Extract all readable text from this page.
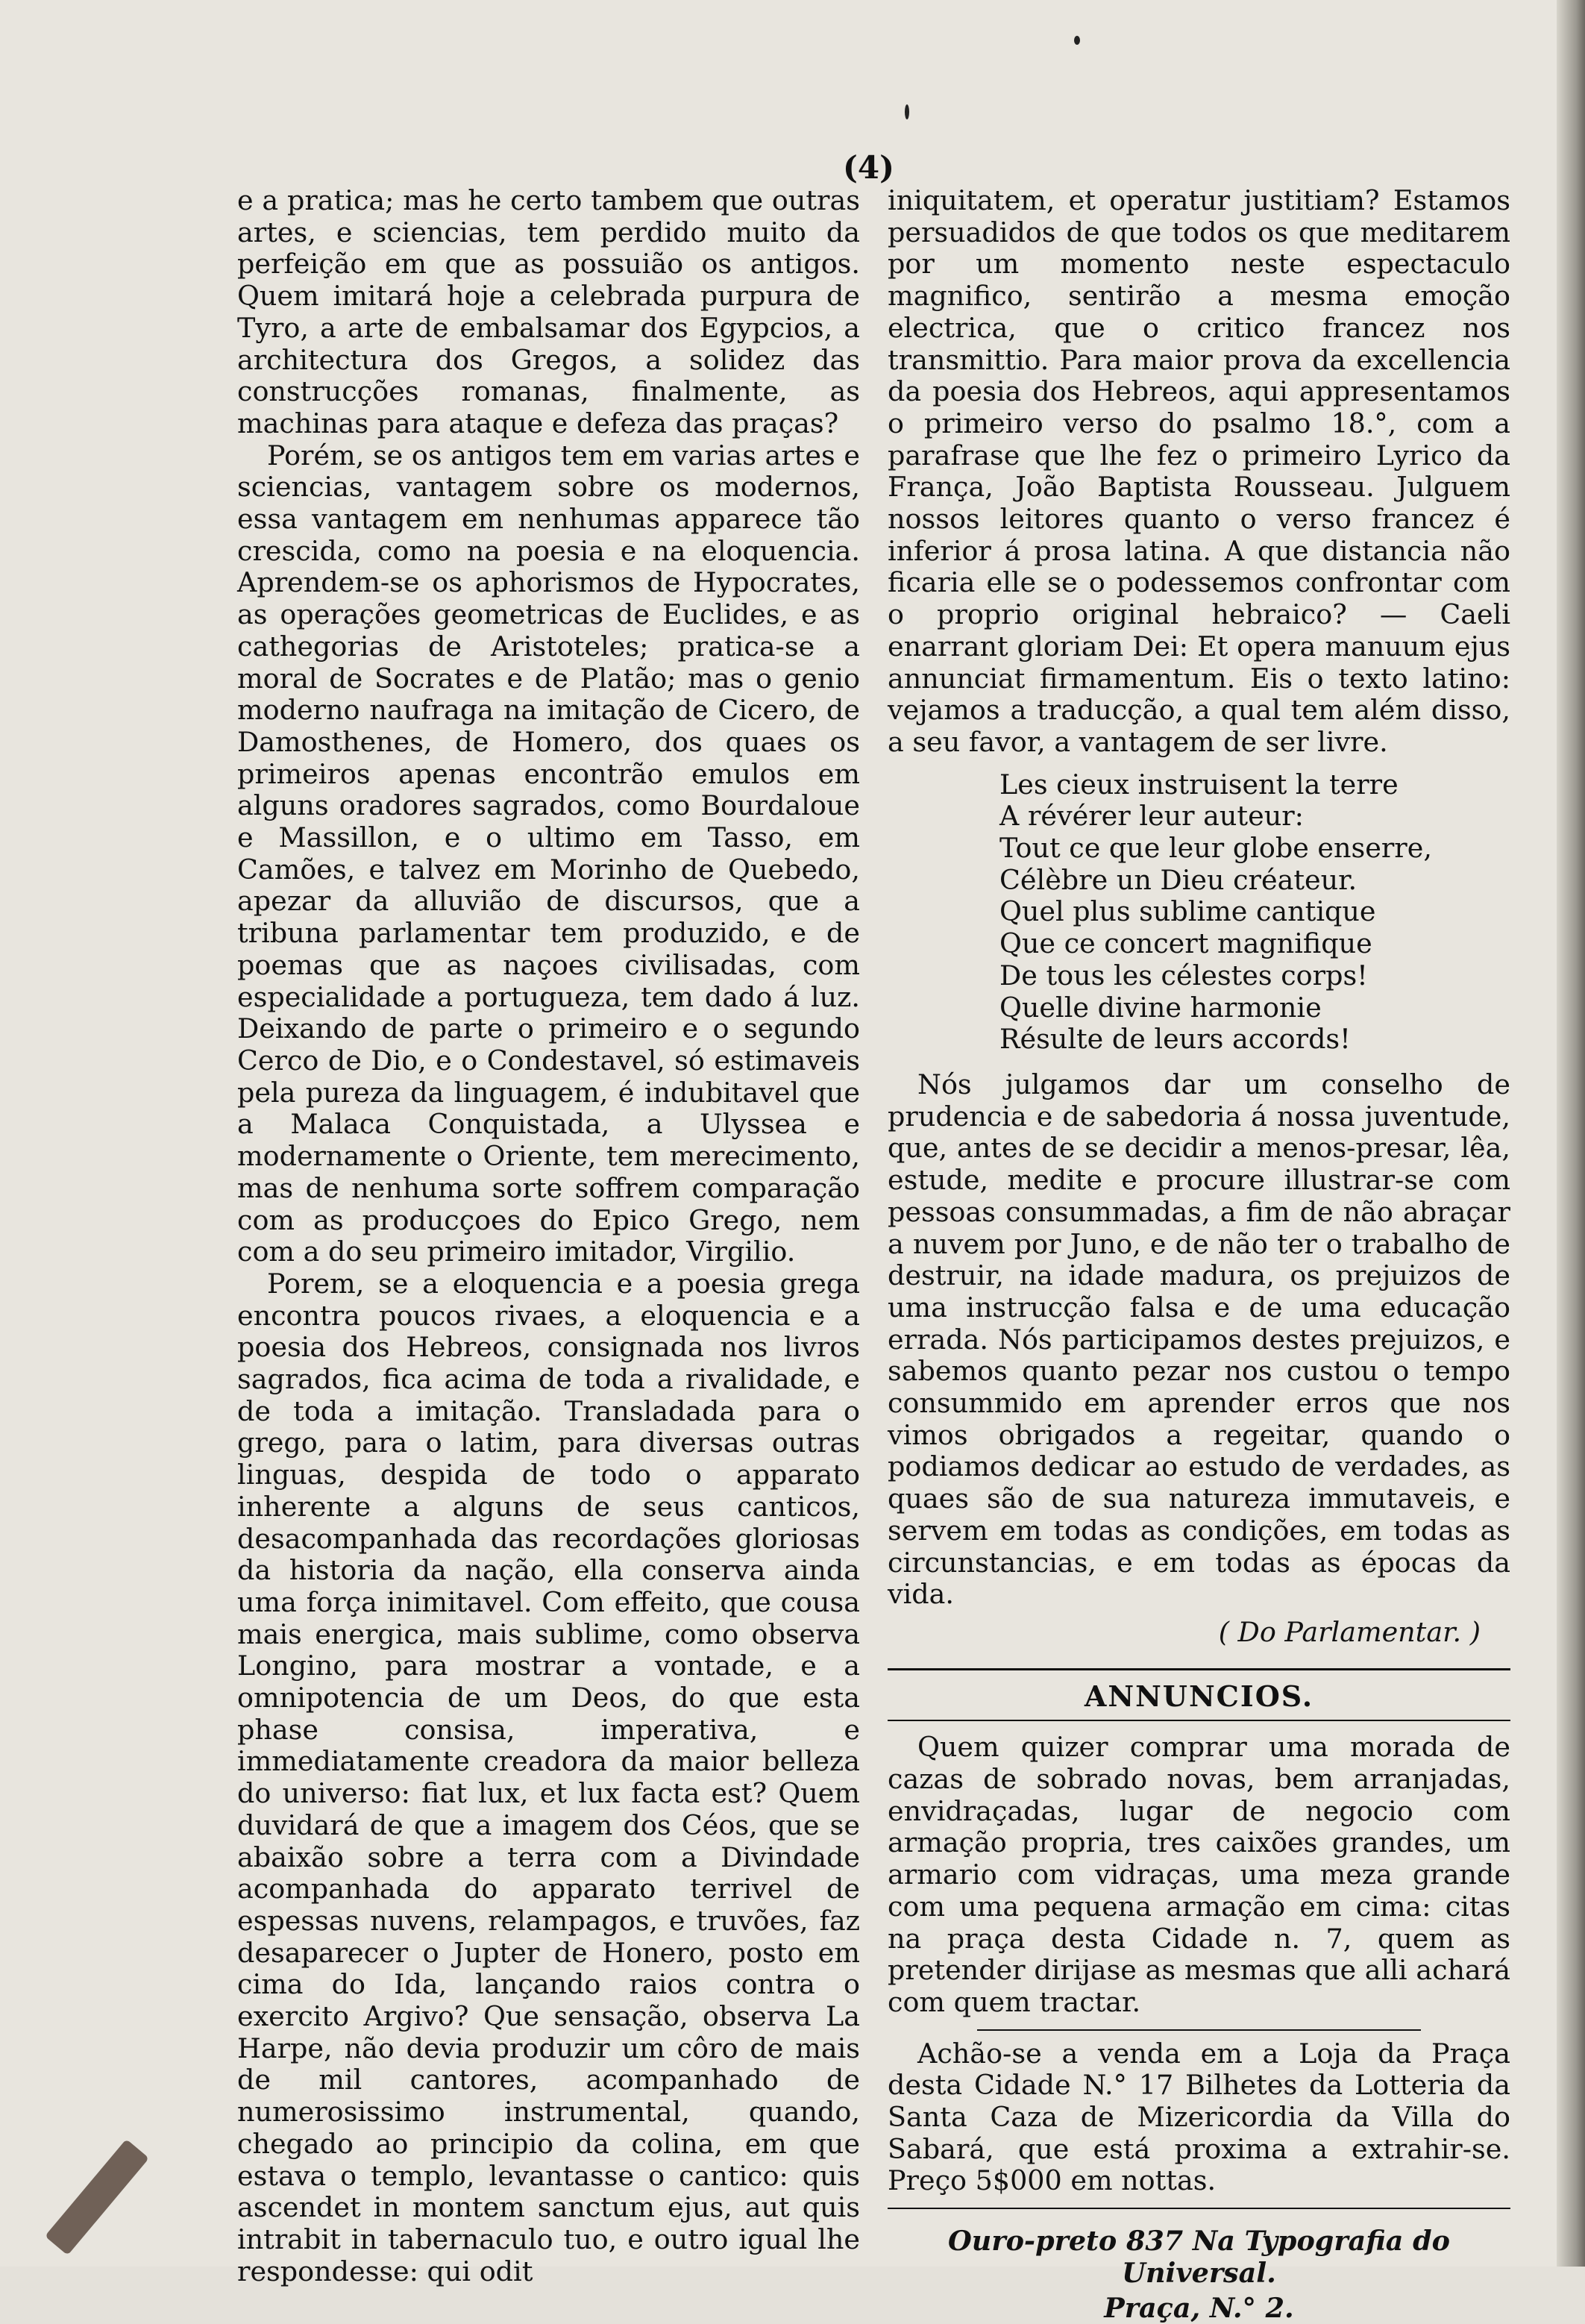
(4)

e a pratica; mas he certo tambem que outras artes, e sciencias, tem perdido muito da perfeição em que as possuião os antigos. Quem imitará hoje a celebrada purpura de Tyro, a arte de embalsamar dos Egypcios, a architectura dos Gregos, a solidez das construcções romanas, finalmente, as machinas para ataque e defeza das praças?

Porém, se os antigos tem em varias artes e sciencias, vantagem sobre os modernos, essa vantagem em nenhumas apparece tão crescida, como na poesia e na eloquencia. Aprendem-se os aphorismos de Hypocrates, as operações geometricas de Euclides, e as cathegorias de Aristoteles; pratica-se a moral de Socrates e de Platão; mas o genio moderno naufraga na imitação de Cicero, de Damosthenes, de Homero, dos quaes os primeiros apenas encontrão emulos em alguns oradores sagrados, como Bourdaloue e Massillon, e o ultimo em Tasso, em Camões, e talvez em Morinho de Quebedo, apezar da alluvião de discursos, que a tribuna parlamentar tem produzido, e de poemas que as naçoes civilisadas, com especialidade a portugueza, tem dado á luz. Deixando de parte o primeiro e o segundo Cerco de Dio, e o Condestavel, só estimaveis pela pureza da linguagem, é indubitavel que a Malaca Conquistada, a Ulyssea e modernamente o Oriente, tem merecimento, mas de nenhuma sorte soffrem comparação com as producçoes do Epico Grego, nem com a do seu primeiro imitador, Virgilio.

Porem, se a eloquencia e a poesia grega encontra poucos rivaes, a eloquencia e a poesia dos Hebreos, consignada nos livros sagrados, fica acima de toda a rivalidade, e de toda a imitação. Transladada para o grego, para o latim, para diversas outras linguas, despida de todo o apparato inherente a alguns de seus canticos, desacompanhada das recordações gloriosas da historia da nação, ella conserva ainda uma força inimitavel. Com effeito, que cousa mais energica, mais sublime, como observa Longino, para mostrar a vontade, e a omnipotencia de um Deos, do que esta phase consisa, imperativa, e immediatamente creadora da maior belleza do universo: fiat lux, et lux facta est? Quem duvidará de que a imagem dos Céos, que se abaixão sobre a terra com a Divindade acompanhada do apparato terrivel de espessas nuvens, relampagos, e truvões, faz desaparecer o Jupter de Honero, posto em cima do Ida, lançando raios contra o exercito Argivo? Que sensação, observa La Harpe, não devia produzir um côro de mais de mil cantores, acompanhado de numerosissimo instrumental, quando, chegado ao principio da colina, em que estava o templo, levantasse o cantico: quis ascendet in montem sanctum ejus, aut quis intrabit in tabernaculo tuo, e outro igual lhe respondesse: qui odit

iniquitatem, et operatur justitiam? Estamos persuadidos de que todos os que meditarem por um momento neste espectaculo magnifico, sentirão a mesma emoção electrica, que o critico francez nos transmittio. Para maior prova da excellencia da poesia dos Hebreos, aqui appresentamos o primeiro verso do psalmo 18.°, com a parafrase que lhe fez o primeiro Lyrico da França, João Baptista Rousseau. Julguem nossos leitores quanto o verso francez é inferior á prosa latina. A que distancia não ficaria elle se o podessemos confrontar com o proprio original hebraico? — Caeli enarrant gloriam Dei: Et opera manuum ejus annunciat firmamentum. Eis o texto latino: vejamos a traducção, a qual tem além disso, a seu favor, a vantagem de ser livre.

Les cieux instruisent la terre
A révérer leur auteur:
Tout ce que leur globe enserre,
Célèbre un Dieu créateur.
Quel plus sublime cantique
Que ce concert magnifique
De tous les célestes corps!
Quelle divine harmonie
Résulte de leurs accords!

Nós julgamos dar um conselho de prudencia e de sabedoria á nossa juventude, que, antes de se decidir a menos-presar, lêa, estude, medite e procure illustrar-se com pessoas consummadas, a fim de não abraçar a nuvem por Juno, e de não ter o trabalho de destruir, na idade madura, os prejuizos de uma instrucção falsa e de uma educação errada. Nós participamos destes prejuizos, e sabemos quanto pezar nos custou o tempo consummido em aprender erros que nos vimos obrigados a regeitar, quando o podiamos dedicar ao estudo de verdades, as quaes são de sua natureza immutaveis, e servem em todas as condições, em todas as circunstancias, e em todas as épocas da vida.

( Do Parlamentar. )
ANNUNCIOS.

Quem quizer comprar uma morada de cazas de sobrado novas, bem arranjadas, envidraçadas, lugar de negocio com armação propria, tres caixões grandes, um armario com vidraças, uma meza grande com uma pequena armação em cima: citas na praça desta Cidade n. 7, quem as pretender dirijase as mesmas que alli achará com quem tractar.

Achão-se a venda em a Loja da Praça desta Cidade N.° 17 Bilhetes da Lotteria da Santa Caza de Mizericordia da Villa do Sabará, que está proxima a extrahir-se. Preço 5$000 em nottas.

Ouro-preto 837 Na Typografia do Universal.
Praça, N.° 2.
